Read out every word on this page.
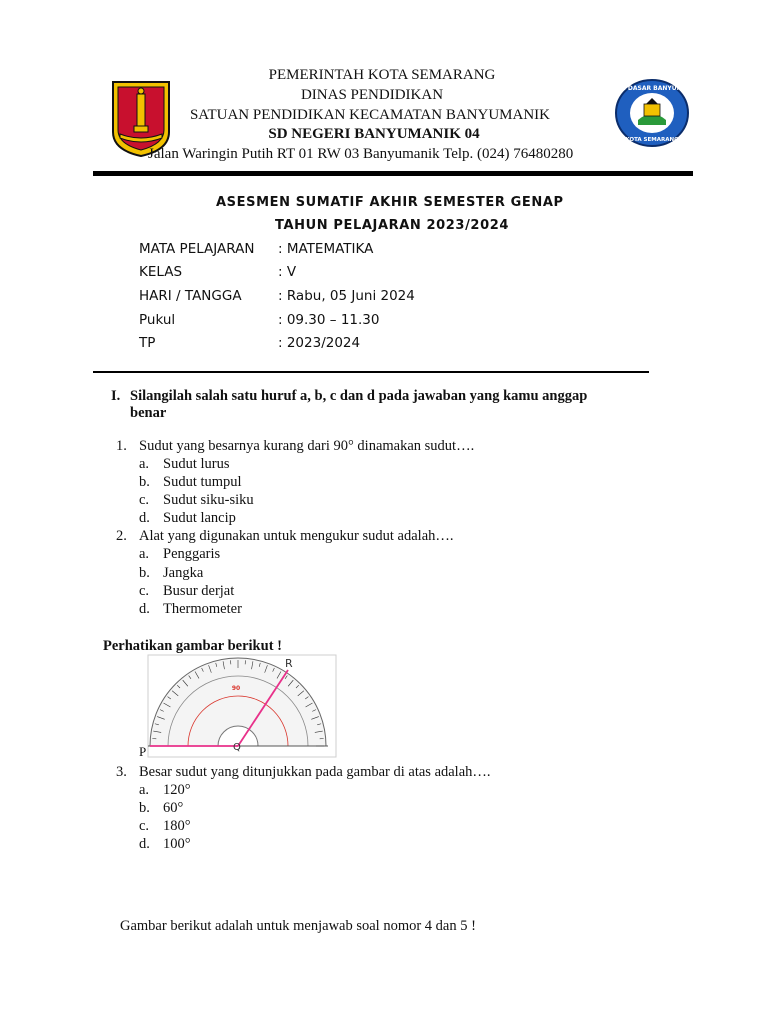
SEKOLAH DASAR BANYUMANIK 04
KOTA SEMARANG
PEMERINTAH KOTA SEMARANG
DINAS PENDIDIKAN
SATUAN PENDIDIKAN KECAMATAN BANYUMANIK
SD NEGERI BANYUMANIK 04
Jalan Waringin Putih RT 01 RW 03 Banyumanik Telp. (024) 76480280
ASESMEN SUMATIF AKHIR SEMESTER GENAP
TAHUN PELAJARAN 2023/2024
MATA PELAJARAN : MATEMATIKA
KELAS	: V
HARI / TANGGA	: Rabu, 05 Juni 2024
Pukul	: 09.30 – 11.30
TP	: 2023/2024
I. Silangilah salah satu huruf a, b, c dan d pada jawaban yang kamu anggap
benar
1. Sudut yang besarnya kurang dari 90° dinamakan sudut….
a. Sudut lurus
b. Sudut tumpul
c. Sudut siku-siku
d. Sudut lancip
2. Alat yang digunakan untuk mengukur sudut adalah….
a. Penggaris
b. Jangka
c. Busur derjat
d. Thermometer
Perhatikan gambar berikut !
R
Q
90
P
3. Besar sudut yang ditunjukkan pada gambar di atas adalah….
a. 120°
b. 60°
c. 180°
d. 100°
Gambar berikut adalah untuk menjawab soal nomor 4 dan 5 !
